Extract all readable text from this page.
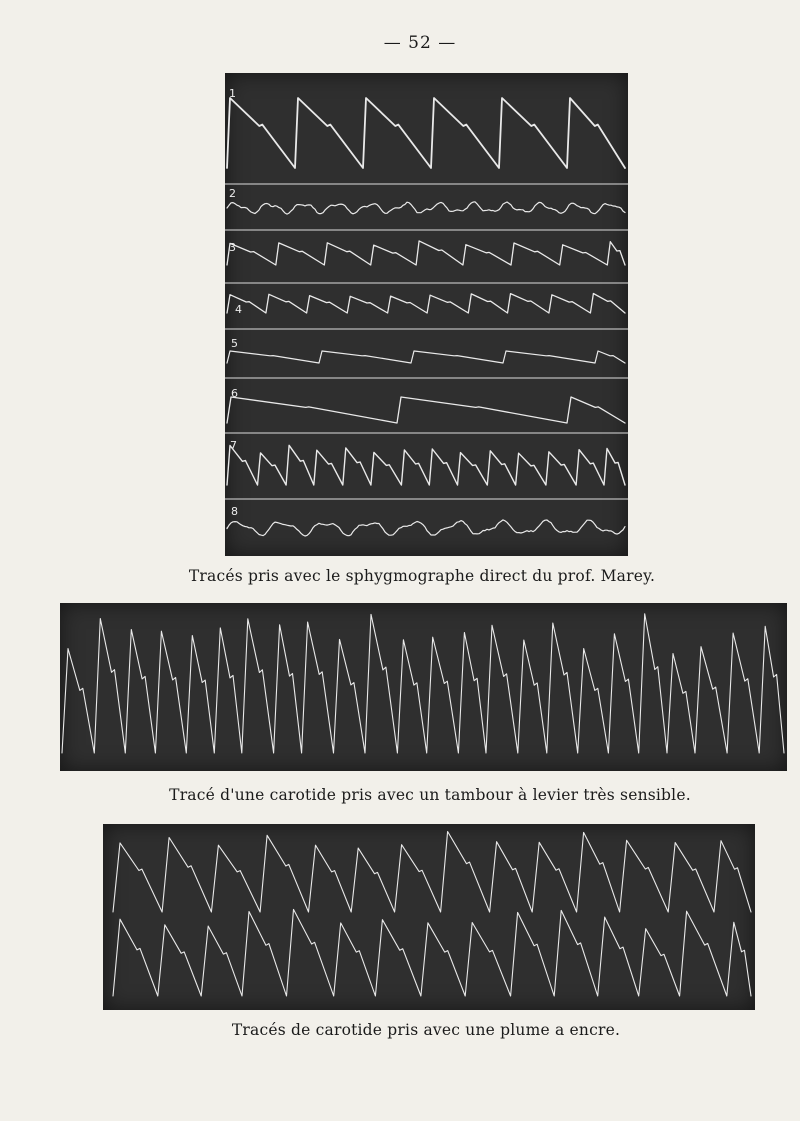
— 52 —
1
2
3
4
5
6
7
8
Tracés pris avec le sphygmographe direct du prof. Marey.
Tracé d'une carotide pris avec un tambour à levier très sensible.
Tracés de carotide pris avec une plume a encre.
